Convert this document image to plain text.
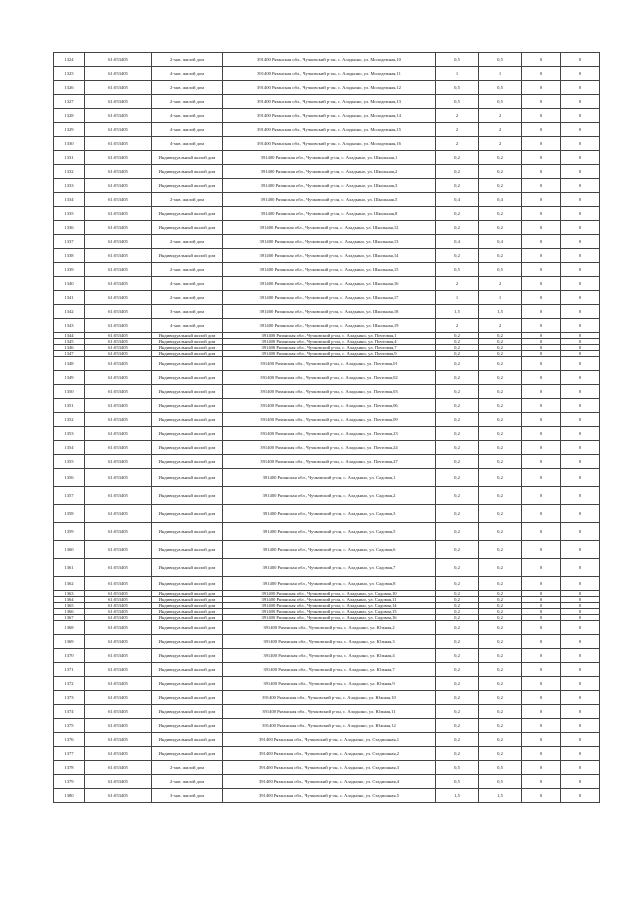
1324	61:053405	2-хкв. жилой дом	391400 Рязанская обл., Чучковский р-он, с. Аладьино, ул. Молодежная,10	0,5	0,5	0	0
1325	61:053405	4-хкв. жилой дом	391400 Рязанская обл., Чучковский р-он, с. Аладьино, ул. Молодежная,11	1	1	0	0
1326	61:053405	2-хкв. жилой дом	391400 Рязанская обл., Чучковский р-он, с. Аладьино, ул. Молодежная,12	0,5	0,5	0	0
1327	61:053405	2-хкв. жилой дом	391400 Рязанская обл., Чучковский р-он, с. Аладьино, ул. Молодежная,13	0,5	0,5	0	0
1328	61:053405	4-хкв. жилой дом	391400 Рязанская обл., Чучковский р-он, с. Аладьино, ул. Молодежная,14	2	2	0	0
1329	61:053405	4-хкв. жилой дом	391400 Рязанская обл., Чучковский р-он, с. Аладьино, ул. Молодежная,15	2	2	0	0
1330	61:053405	4-хкв. жилой дом	391400 Рязанская обл., Чучковский р-он, с. Аладьино, ул. Молодежная,16	2	2	0	0
1331	61:053405	Индивидуальный жилой дом	391400 Рязанская обл., Чучковский р-он, с. Аладьино, ул. Школьная,1	0,2	0,2	0	0
1332	61:053405	Индивидуальный жилой дом	391400 Рязанская обл., Чучковский р-он, с. Аладьино, ул. Школьная,2	0,2	0,2	0	0
1333	61:053405	Индивидуальный жилой дом	391400 Рязанская обл., Чучковский р-он, с. Аладьино, ул. Школьная,3	0,2	0,2	0	0
1334	61:053405	2-хкв. жилой дом	391400 Рязанская обл., Чучковский р-он, с. Аладьино, ул. Школьная,5	0,4	0,4	0	0
1335	61:053405	Индивидуальный жилой дом	391400 Рязанская обл., Чучковский р-он, с. Аладьино, ул. Школьная,8	0,2	0,2	0	0
1336	61:053405	Индивидуальный жилой дом	391400 Рязанская обл., Чучковский р-он, с. Аладьино, ул. Школьная,12	0,2	0,2	0	0
1337	61:053405	2-хкв. жилой дом	391400 Рязанская обл., Чучковский р-он, с. Аладьино, ул. Школьная,13	0,4	0,4	0	0
1338	61:053405	Индивидуальный жилой дом	391400 Рязанская обл., Чучковский р-он, с. Аладьино, ул. Школьная,14	0,2	0,2	0	0
1339	61:053405	2-хкв. жилой дом	391400 Рязанская обл., Чучковский р-он, с. Аладьино, ул. Школьная,15	0,5	0,5	0	0
1340	61:053405	4-хкв. жилой дом	391400 Рязанская обл., Чучковский р-он, с. Аладьино, ул. Школьная,16	2	2	0	0
1341	61:053405	2-хкв. жилой дом	391400 Рязанская обл., Чучковский р-он, с. Аладьино, ул. Школьная,17	1	1	0	0
1342	61:053405	3-хкв. жилой дом	391400 Рязанская обл., Чучковский р-он, с. Аладьино, ул. Школьная,18	1,5	1,5	0	0
1343	61:053405	4-хкв. жилой дом	391400 Рязанская обл., Чучковский р-он, с. Аладьино, ул. Школьная,19	2	2	0	0
1344	61:053405	Индивидуальный жилой дом	391400 Рязанская обл., Чучковский р-он, с. Аладьино, ул. Почтовая,1	0,2	0,2	0	0
1345	61:053405	Индивидуальный жилой дом	391400 Рязанская обл., Чучковский р-он, с. Аладьино, ул. Почтовая,4	0,2	0,2	0	0
1346	61:053405	Индивидуальный жилой дом	391400 Рязанская обл., Чучковский р-он, с. Аладьино, ул. Почтовая,7	0,2	0,2	0	0
1347	61:053405	Индивидуальный жилой дом	391400 Рязанская обл., Чучковский р-он, с. Аладьино, ул. Почтовая,9	0,2	0,2	0	0
1348	61:053405	Индивидуальный жилой дом	391400 Рязанская обл., Чучковский р-он, с. Аладьино, ул. Почтовая,01	0,2	0,2	0	0
1349	61:053405	Индивидуальный жилой дом	391400 Рязанская обл., Чучковский р-он, с. Аладьино, ул. Почтовая,02	0,2	0,2	0	0
1350	61:053405	Индивидуальный жилой дом	391400 Рязанская обл., Чучковский р-он, с. Аладьино, ул. Почтовая,03	0,2	0,2	0	0
1351	61:053405	Индивидуальный жилой дом	391400 Рязанская обл., Чучковский р-он, с. Аладьино, ул. Почтовая,06	0,2	0,2	0	0
1352	61:053405	Индивидуальный жилой дом	391400 Рязанская обл., Чучковский р-он, с. Аладьино, ул. Почтовая,09	0,2	0,2	0	0
1353	61:053405	Индивидуальный жилой дом	391400 Рязанская обл., Чучковский р-он, с. Аладьино, ул. Почтовая,23	0,2	0,2	0	0
1354	61:053405	Индивидуальный жилой дом	391400 Рязанская обл., Чучковский р-он, с. Аладьино, ул. Почтовая,24	0,2	0,2	0	0
1355	61:053405	Индивидуальный жилой дом	391400 Рязанская обл., Чучковский р-он, с. Аладьино, ул. Почтовая,27	0,2	0,2	0	0
1356	61:053405	Индивидуальный жилой дом	391400 Рязанская обл., Чучковский р-он, с. Аладьино, ул. Садовая,1	0,2	0,2	0	0
1357	61:053405	Индивидуальный жилой дом	391400 Рязанская обл., Чучковский р-он, с. Аладьино, ул. Садовая,2	0,2	0,2	0	0
1358	61:053405	Индивидуальный жилой дом	391400 Рязанская обл., Чучковский р-он, с. Аладьино, ул. Садовая,3	0,2	0,2	0	0
1359	61:053405	Индивидуальный жилой дом	391400 Рязанская обл., Чучковский р-он, с. Аладьино, ул. Садовая,5	0,2	0,2	0	0
1360	61:053405	Индивидуальный жилой дом	391400 Рязанская обл., Чучковский р-он, с. Аладьино, ул. Садовая,6	0,2	0,2	0	0
1361	61:053405	Индивидуальный жилой дом	391400 Рязанская обл., Чучковский р-он, с. Аладьино, ул. Садовая,7	0,2	0,2	0	0
1362	61:053405	Индивидуальный жилой дом	391400 Рязанская обл., Чучковский р-он, с. Аладьино, ул. Садовая,8	0,2	0,2	0	0
1363	61:053405	Индивидуальный жилой дом	391400 Рязанская обл., Чучковский р-он, с. Аладьино, ул. Садовая,10	0,2	0,2	0	0
1364	61:053405	Индивидуальный жилой дом	391400 Рязанская обл., Чучковский р-он, с. Аладьино, ул. Садовая,11	0,2	0,2	0	0
1365	61:053405	Индивидуальный жилой дом	391400 Рязанская обл., Чучковский р-он, с. Аладьино, ул. Садовая,14	0,2	0,2	0	0
1366	61:053405	Индивидуальный жилой дом	391400 Рязанская обл., Чучковский р-он, с. Аладьино, ул. Садовая,15	0,2	0,2	0	0
1367	61:053405	Индивидуальный жилой дом	391400 Рязанская обл., Чучковский р-он, с. Аладьино, ул. Садовая,16	0,2	0,2	0	0
1368	61:053405	Индивидуальный жилой дом	391400 Рязанская обл., Чучковский р-он, с. Аладьино, ул. Южная,2	0,2	0,2	0	0
1369	61:053405	Индивидуальный жилой дом	391400 Рязанская обл., Чучковский р-он, с. Аладьино, ул. Южная,3	0,2	0,2	0	0
1370	61:053405	Индивидуальный жилой дом	391400 Рязанская обл., Чучковский р-он, с. Аладьино, ул. Южная,4	0,2	0,2	0	0
1371	61:053405	Индивидуальный жилой дом	391400 Рязанская обл., Чучковский р-он, с. Аладьино, ул. Южная,7	0,2	0,2	0	0
1372	61:053405	Индивидуальный жилой дом	391400 Рязанская обл., Чучковский р-он, с. Аладьино, ул. Южная,9	0,2	0,2	0	0
1373	61:053405	Индивидуальный жилой дом	391400 Рязанская обл., Чучковский р-он, с. Аладьино, ул. Южная,10	0,2	0,2	0	0
1374	61:053405	Индивидуальный жилой дом	391400 Рязанская обл., Чучковский р-он, с. Аладьино, ул. Южная,11	0,2	0,2	0	0
1375	61:053405	Индивидуальный жилой дом	391400 Рязанская обл., Чучковский р-он, с. Аладьино, ул. Южная,12	0,2	0,2	0	0
1376	61:053405	Индивидуальный жилой дом	391400 Рязанская обл., Чучковский р-он, с. Аладьино, ул. Стадионная,1	0,2	0,2	0	0
1377	61:053405	Индивидуальный жилой дом	391400 Рязанская обл., Чучковский р-он, с. Аладьино, ул. Стадионная,2	0,2	0,2	0	0
1378	61:053405	2-хкв. жилой дом	391400 Рязанская обл., Чучковский р-он, с. Аладьино, ул. Стадионная,3	0,5	0,5	0	0
1379	61:053405	2-хкв. жилой дом	391400 Рязанская обл., Чучковский р-он, с. Аладьино, ул. Стадионная,4	0,5	0,5	0	0
1380	61:053405	3-хкв. жилой дом	391400 Рязанская обл., Чучковский р-он, с. Аладьино, ул. Стадионная,5	1,5	1,5	0	0
